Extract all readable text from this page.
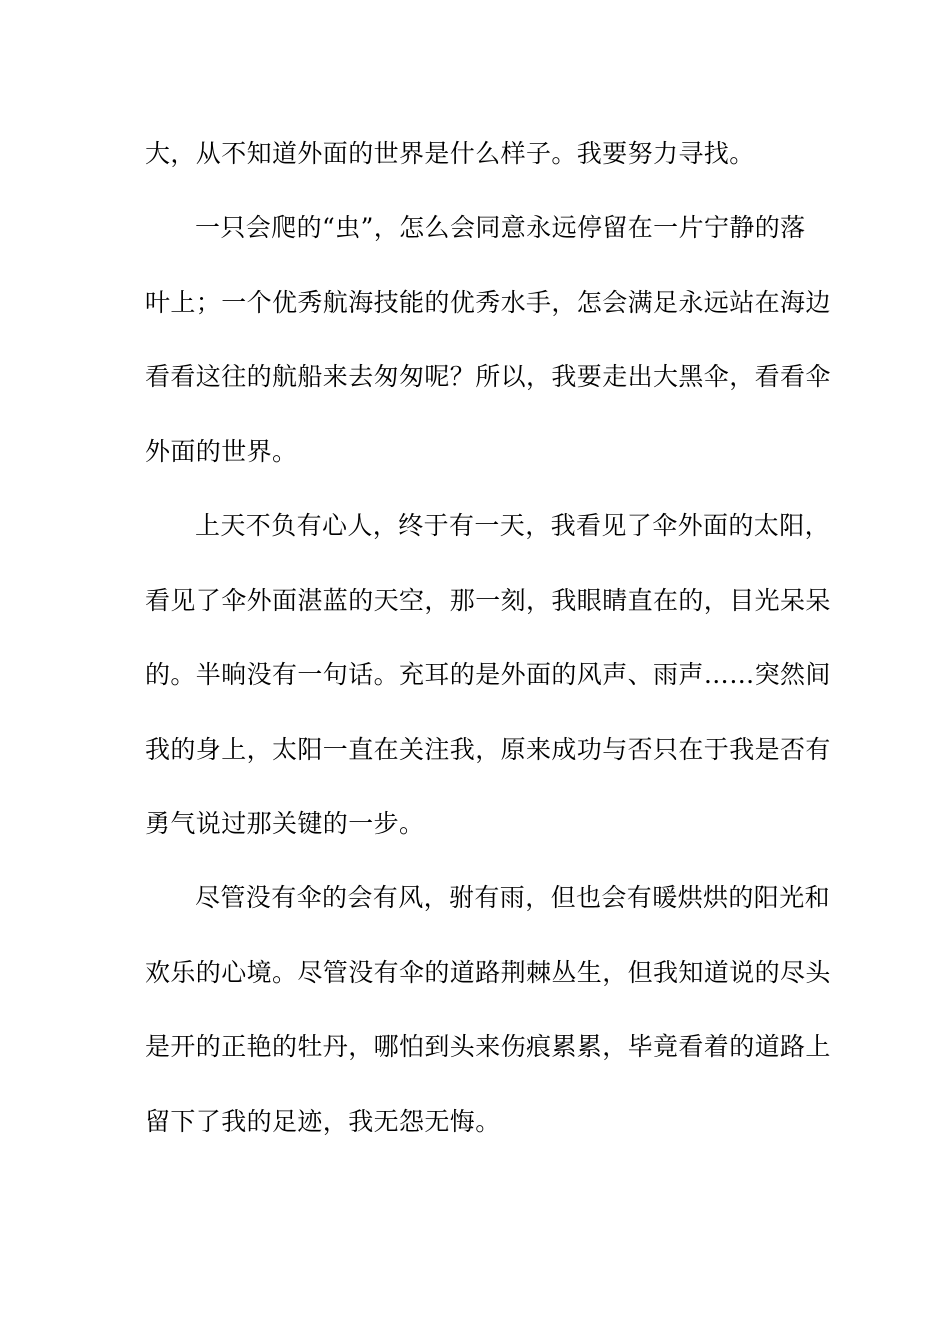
大，从不知道外面的世界是什么样子。我要努力寻找。
一只会爬的“虫”，怎么会同意永远停留在一片宁静的落
叶上；一个优秀航海技能的优秀水手，怎会满足永远站在海边
看看这往的航船来去匆匆呢？所以，我要走出大黑伞，看看伞
外面的世界。
上天不负有心人，终于有一天，我看见了伞外面的太阳，
看见了伞外面湛蓝的天空，那一刻，我眼睛直在的，目光呆呆
的。半晌没有一句话。充耳的是外面的风声、雨声……突然间
我的身上，太阳一直在关注我，原来成功与否只在于我是否有
勇气说过那关键的一步。
尽管没有伞的会有风，驸有雨，但也会有暖烘烘的阳光和
欢乐的心境。尽管没有伞的道路荆棘丛生，但我知道说的尽头
是开的正艳的牡丹，哪怕到头来伤痕累累，毕竟看着的道路上
留下了我的足迹，我无怨无悔。
